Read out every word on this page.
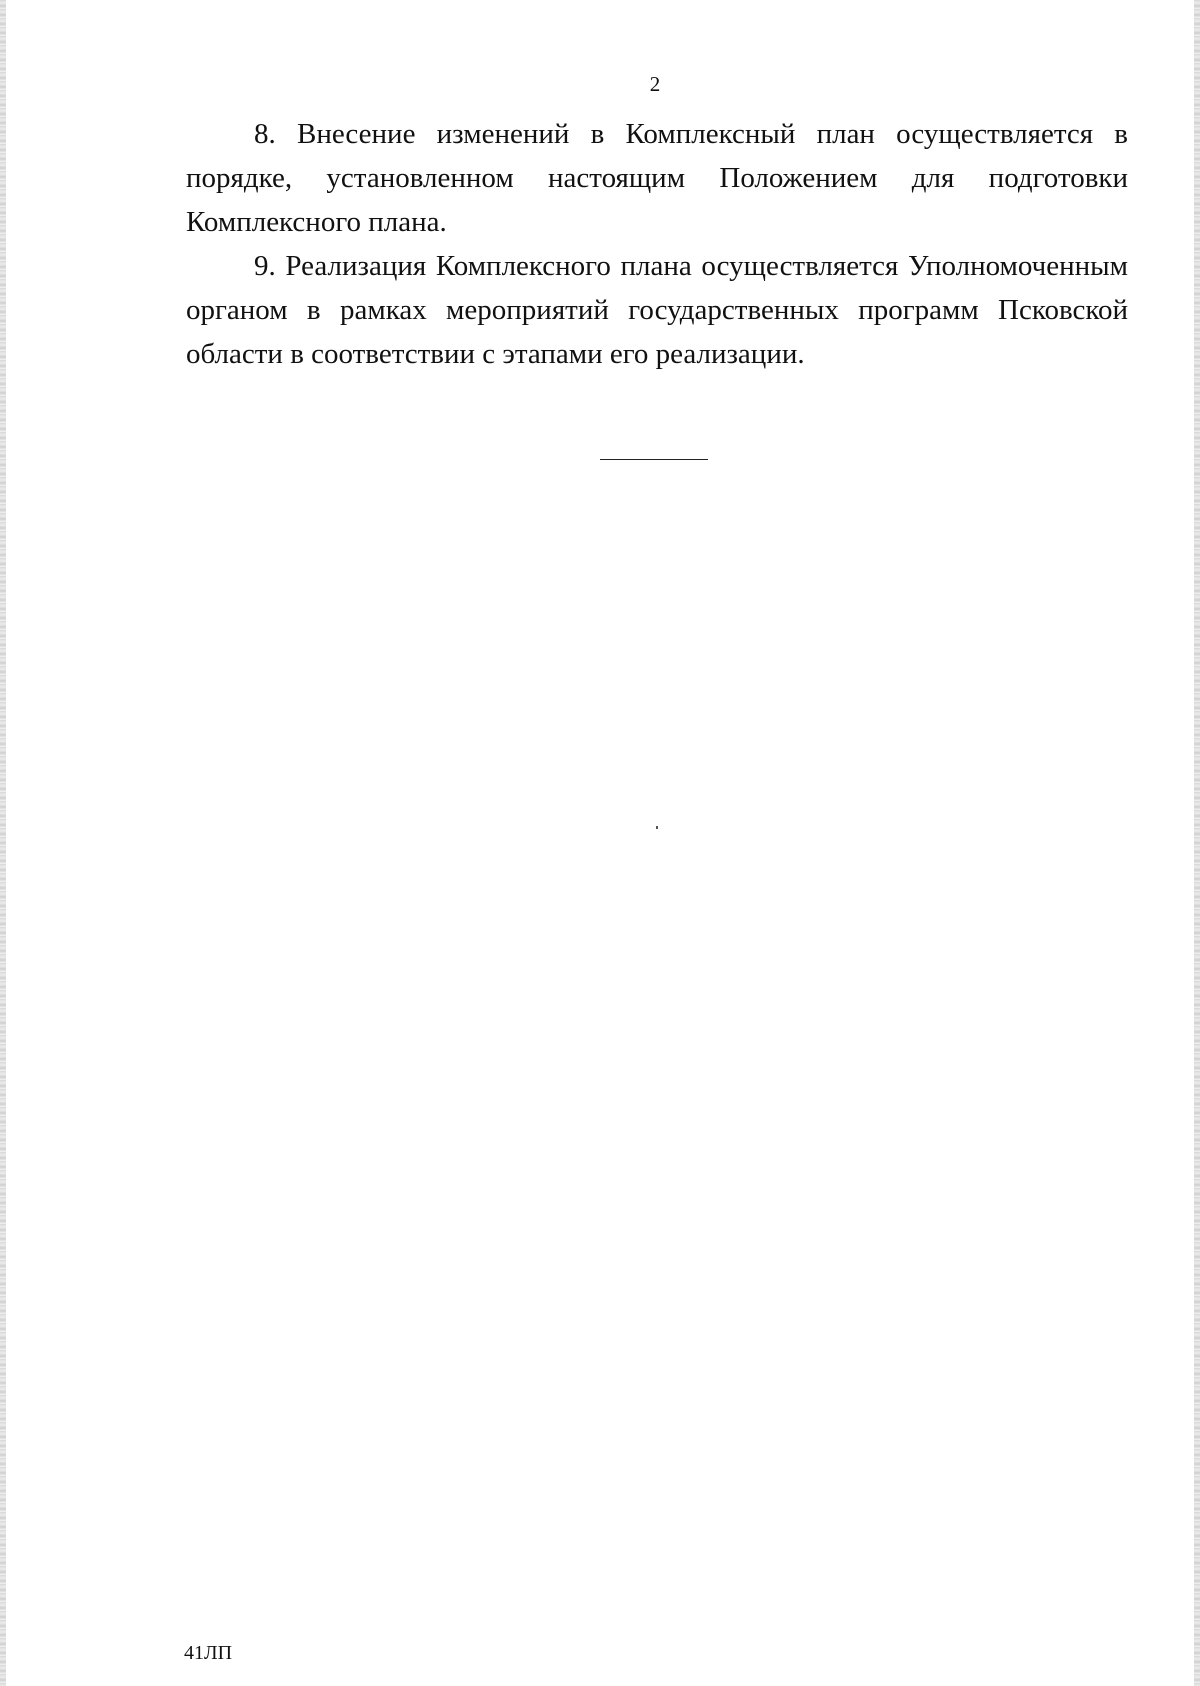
2

8. Внесение изменений в Комплексный план осуществляется в порядке, установленном настоящим Положением для подготовки Комплексного плана.

9. Реализация Комплексного плана осуществляется Уполномоченным органом в рамках мероприятий государственных программ Псковской области в соответствии с этапами его реализации.

41ЛП
